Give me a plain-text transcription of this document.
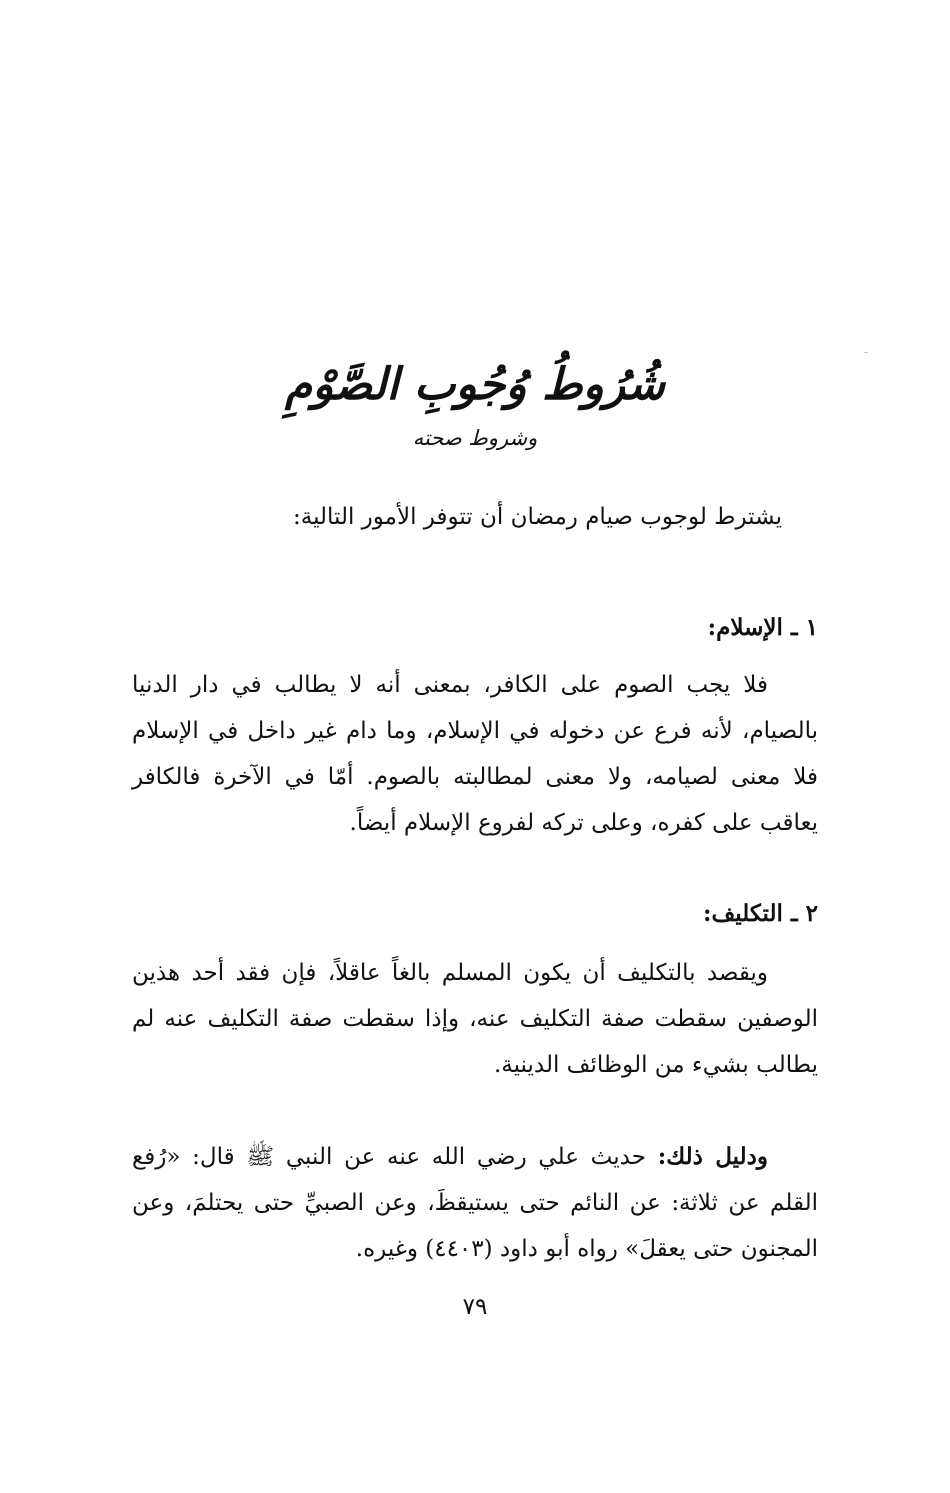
شُرُوطُ وُجُوبِ الصَّوْمِ

وشروط صحته

يشترط لوجوب صيام رمضان أن تتوفر الأمور التالية:

١ ـ الإسلام:

فلا يجب الصوم على الكافر، بمعنى أنه لا يطالب في دار الدنيا بالصيام، لأنه فرع عن دخوله في الإسلام، وما دام غير داخل في الإسلام فلا معنى لصيامه، ولا معنى لمطالبته بالصوم. أمّا في الآخرة فالكافر يعاقب على كفره، وعلى تركه لفروع الإسلام أيضاً.

٢ ـ التكليف:

ويقصد بالتكليف أن يكون المسلم بالغاً عاقلاً، فإن فقد أحد هذين الوصفين سقطت صفة التكليف عنه، وإذا سقطت صفة التكليف عنه لم يطالب بشيء من الوظائف الدينية.

ودليل ذلك: حديث علي رضي الله عنه عن النبي ﷺ قال: «رُفع القلم عن ثلاثة: عن النائم حتى يستيقظَ، وعن الصبيِّ حتى يحتلمَ، وعن المجنون حتى يعقلَ» رواه أبو داود (٤٤٠٣) وغيره.

٧٩
